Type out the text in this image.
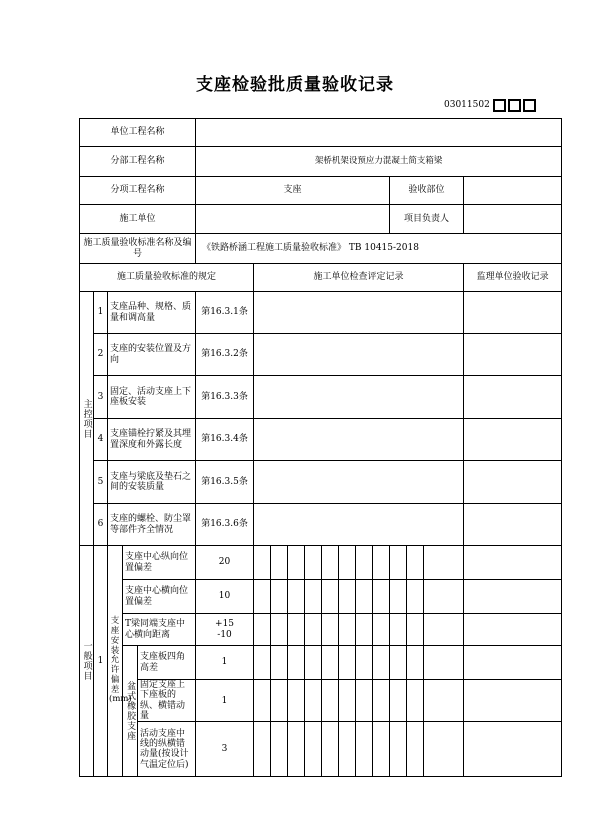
支座检验批质量验收记录
03011502
单位工程名称																	
分部工程名称					架桥机架设预应力混凝土简支箱梁												
分项工程名称					支座									验收部位			
施工单位														项目负责人			
施工质量验收标准名称及编号					《铁路桥涵工程施工质量验收标准》 TB 10415-2018												
施工质量验收标准的规定						施工单位检查评定记录											监理单位验收记录
主控项目	1	支座品种、规格、质量和调高量			第16.3.1条												
	2	支座的安装位置及方向			第16.3.2条												
	3	固定、活动支座上下座板安装			第16.3.3条												
	4	支座锚栓拧紧及其埋置深度和外露长度			第16.3.4条												
	5	支座与梁底及垫石之间的安装质量			第16.3.5条												
	6	支座的螺栓、防尘罩等部件齐全情况			第16.3.6条												
一般项目	1	支座安装允许偏差(mm)	支座中心纵向位置偏差		20												
			支座中心横向位置偏差		10												
			T梁同端支座中心横向距离		+15
-10												
			盆式橡胶支座	支座板四角高差	1												
				固定支座上下座板的纵、横错动量	1												
				活动支座中线的纵横错动量(按设计气温定位后)	3												
